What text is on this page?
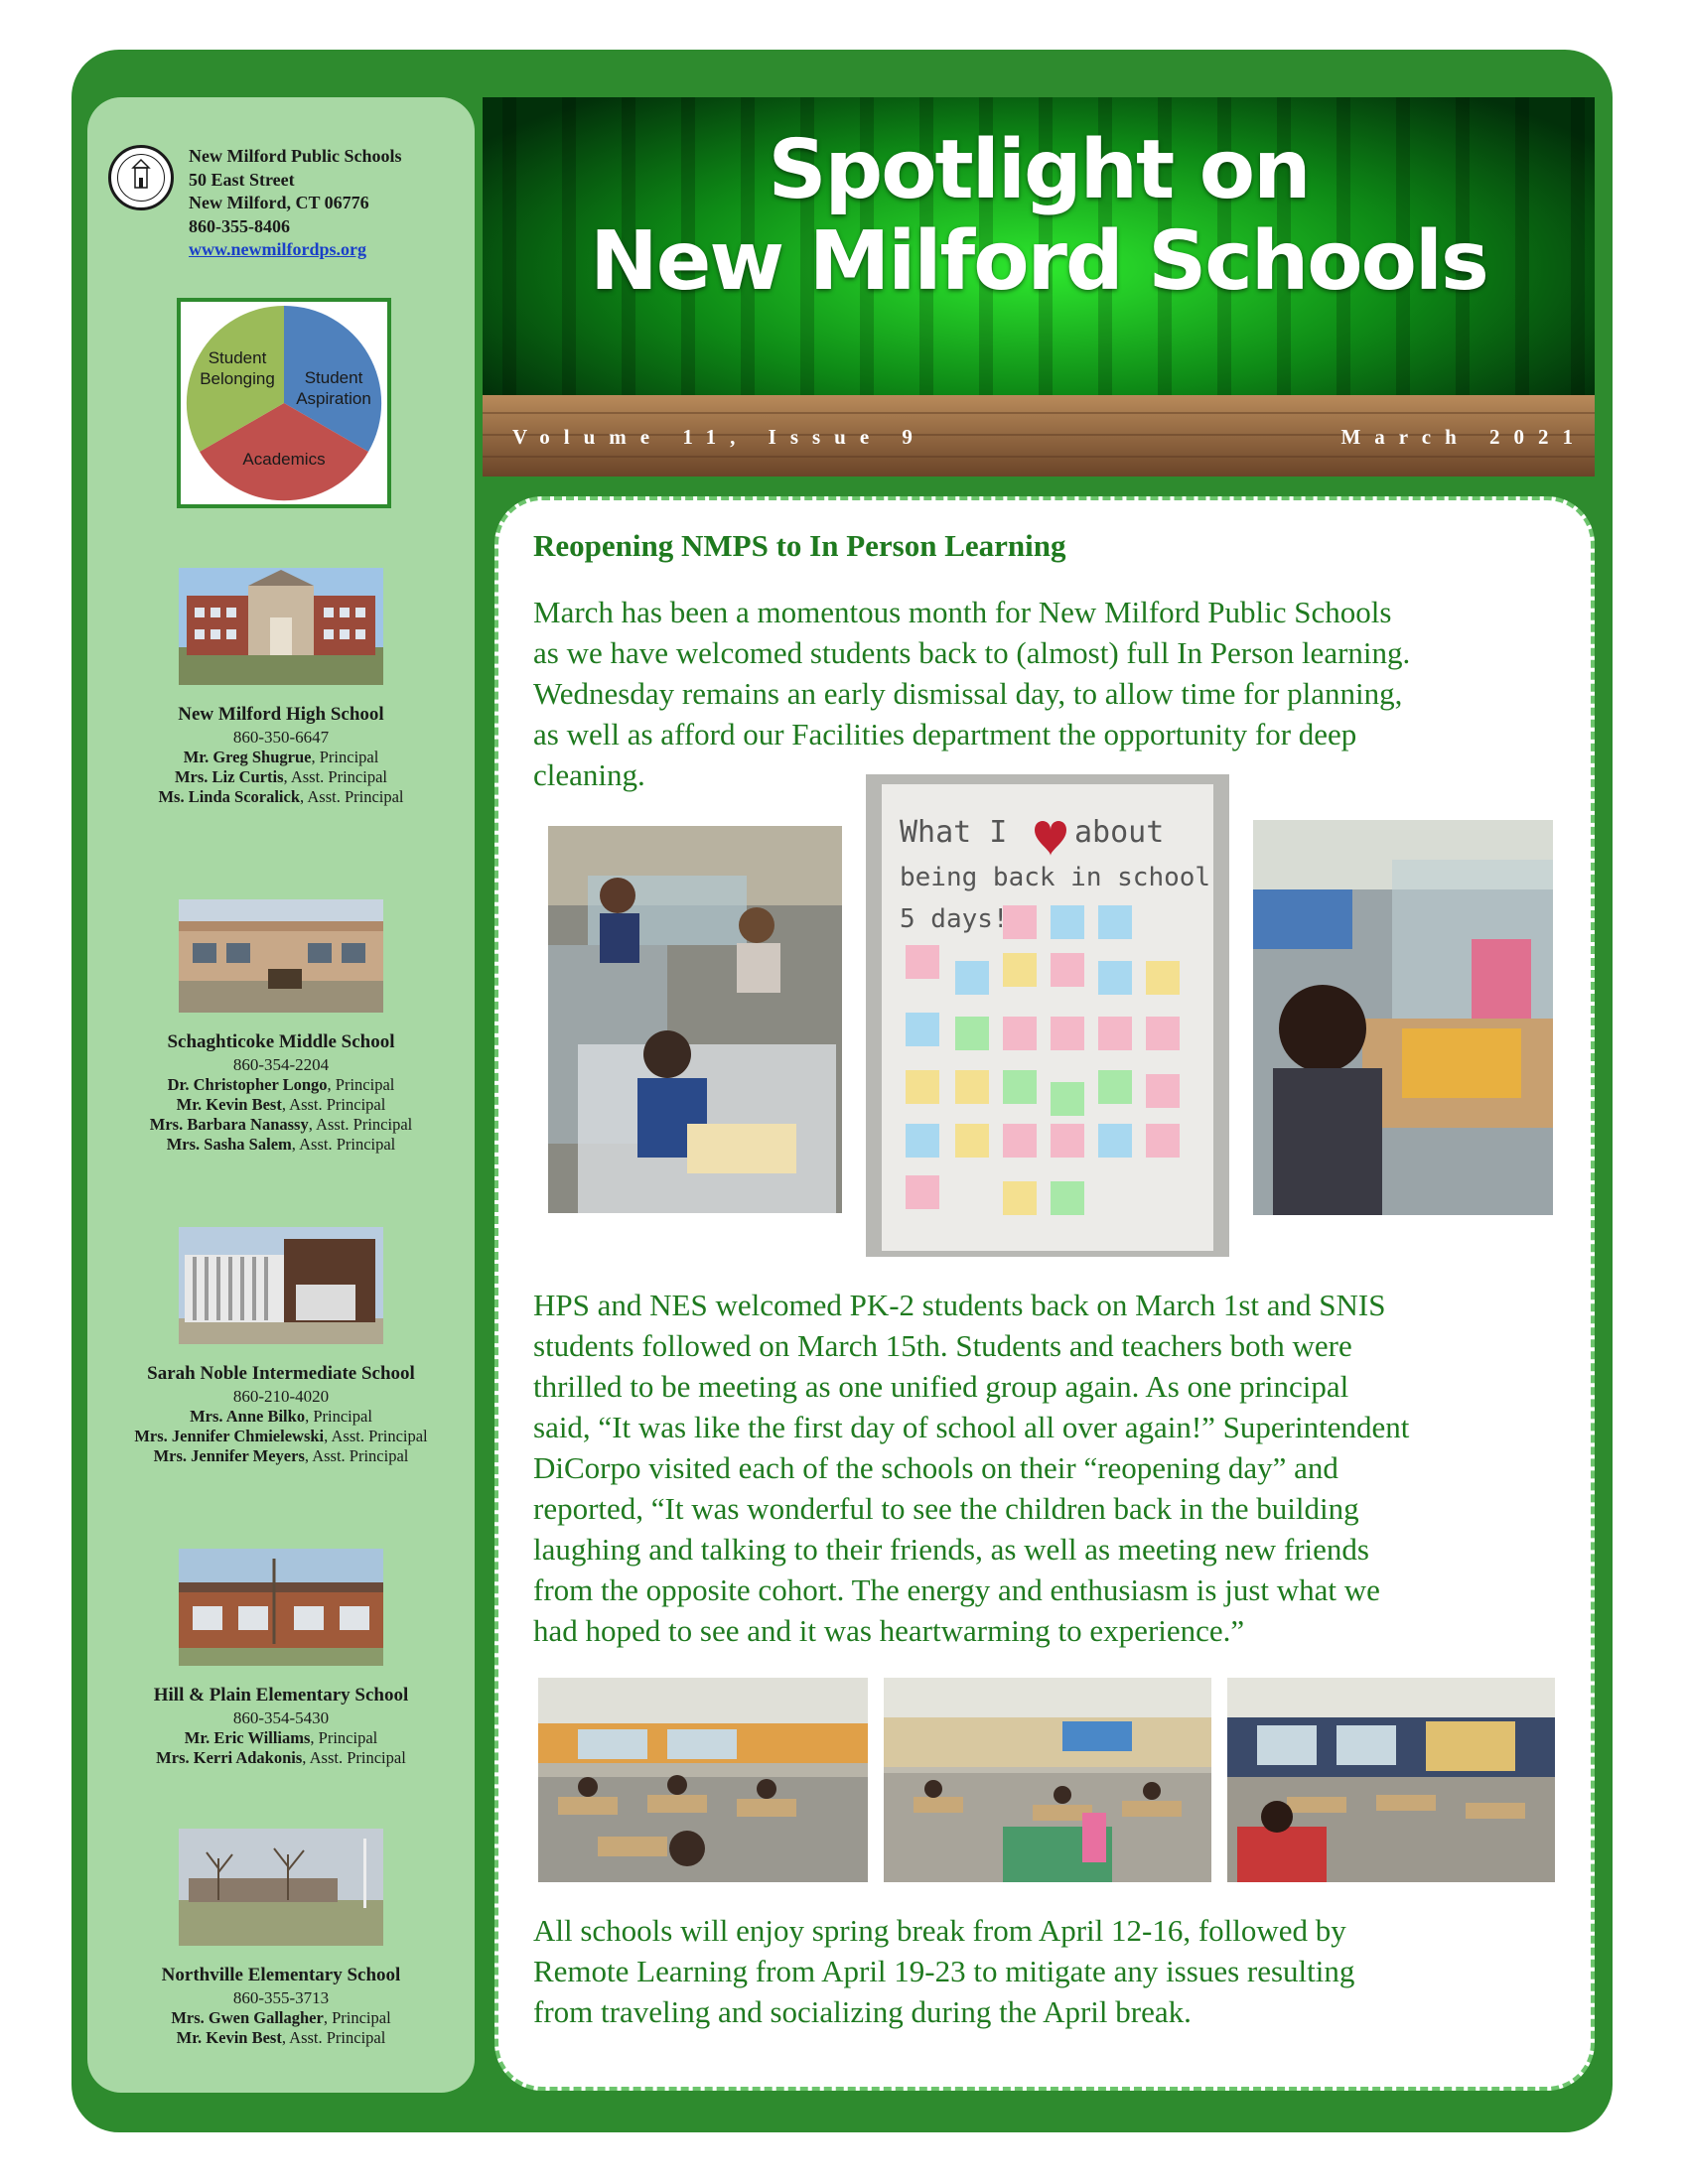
New Milford Public Schools
50 East Street
New Milford, CT 06776
860-355-8406
www.newmilfordps.org
Student
Belonging	Student
Aspiration
Academics
New Milford High School
860-350-6647
Mr. Greg Shugrue, Principal
Mrs. Liz Curtis, Asst. Principal
Ms. Linda Scoralick, Asst. Principal
Schaghticoke Middle School
860-354-2204
Dr. Christopher Longo, Principal
Mr. Kevin Best, Asst. Principal
Mrs. Barbara Nanassy, Asst. Principal
Mrs. Sasha Salem, Asst. Principal
Sarah Noble Intermediate School
860-210-4020
Mrs. Anne Bilko, Principal
Mrs. Jennifer Chmielewski, Asst. Principal
Mrs. Jennifer Meyers, Asst. Principal
Hill & Plain Elementary School
860-354-5430
Mr. Eric Williams, Principal
Mrs. Kerri Adakonis, Asst. Principal
Northville Elementary School
860-355-3713
Mrs. Gwen Gallagher, Principal
Mr. Kevin Best, Asst. Principal
Spotlight on
New Milford Schools
Volume 11, Issue 9	March 2021
Reopening NMPS to In Person Learning
March has been a momentous month for New Milford Public Schools
as we have welcomed students back to (almost) full In Person learning.
Wednesday remains an early dismissal day, to allow time for planning,
as well as afford our Facilities department the opportunity for deep
cleaning.
What I about
being back in school
5 days!
HPS and NES welcomed PK-2 students back on March 1st and SNIS
students followed on March 15th. Students and teachers both were
thrilled to be meeting as one unified group again. As one principal
said, “It was like the first day of school all over again!” Superintendent
DiCorpo visited each of the schools on their “reopening day” and
reported, “It was wonderful to see the children back in the building
laughing and talking to their friends, as well as meeting new friends
from the opposite cohort. The energy and enthusiasm is just what we
had hoped to see and it was heartwarming to experience.”
All schools will enjoy spring break from April 12-16, followed by
Remote Learning from April 19-23 to mitigate any issues resulting
from traveling and socializing during the April break.
